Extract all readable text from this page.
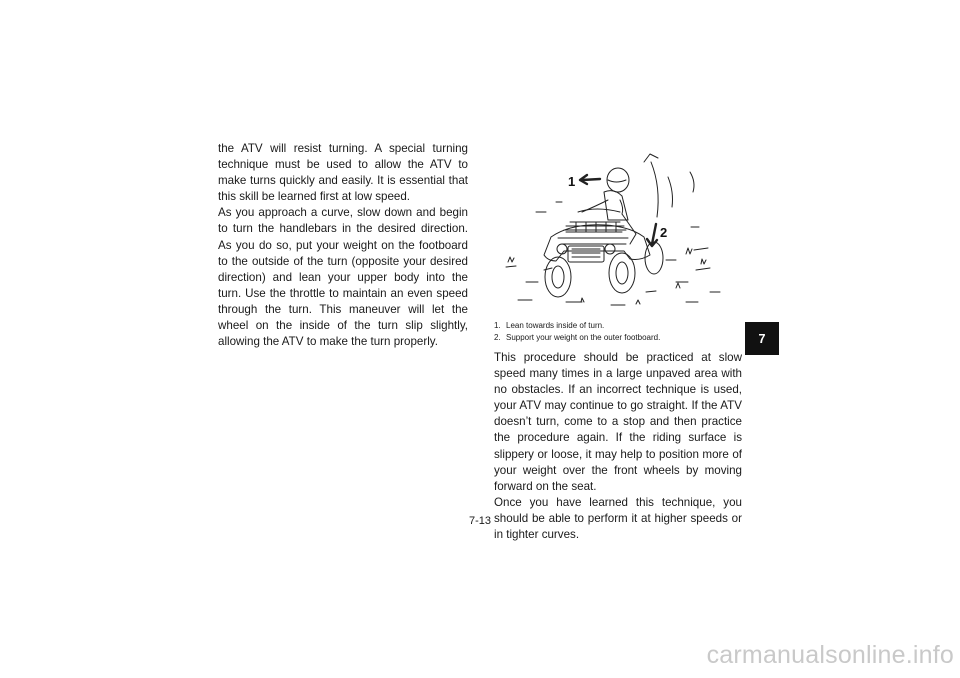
the ATV will resist turning. A special turning technique must be used to allow the ATV to make turns quickly and easily. It is essential that this skill be learned first at low speed.

As you approach a curve, slow down and begin to turn the handlebars in the desired direction. As you do so, put your weight on the footboard to the outside of the turn (opposite your desired direction) and lean your upper body into the turn. Use the throttle to maintain an even speed through the turn. This maneuver will let the wheel on the inside of the turn slip slightly, allowing the ATV to make the turn properly.

1
2
1. Lean towards inside of turn.
2. Support your weight on the outer footboard.

This procedure should be practiced at slow speed many times in a large unpaved area with no obstacles. If an incorrect technique is used, your ATV may continue to go straight. If the ATV doesn’t turn, come to a stop and then practice the procedure again. If the riding surface is slippery or loose, it may help to position more of your weight over the front wheels by moving forward on the seat.

Once you have learned this technique, you should be able to perform it at higher speeds or in tighter curves.

7
7-13
carmanualsonline.info
